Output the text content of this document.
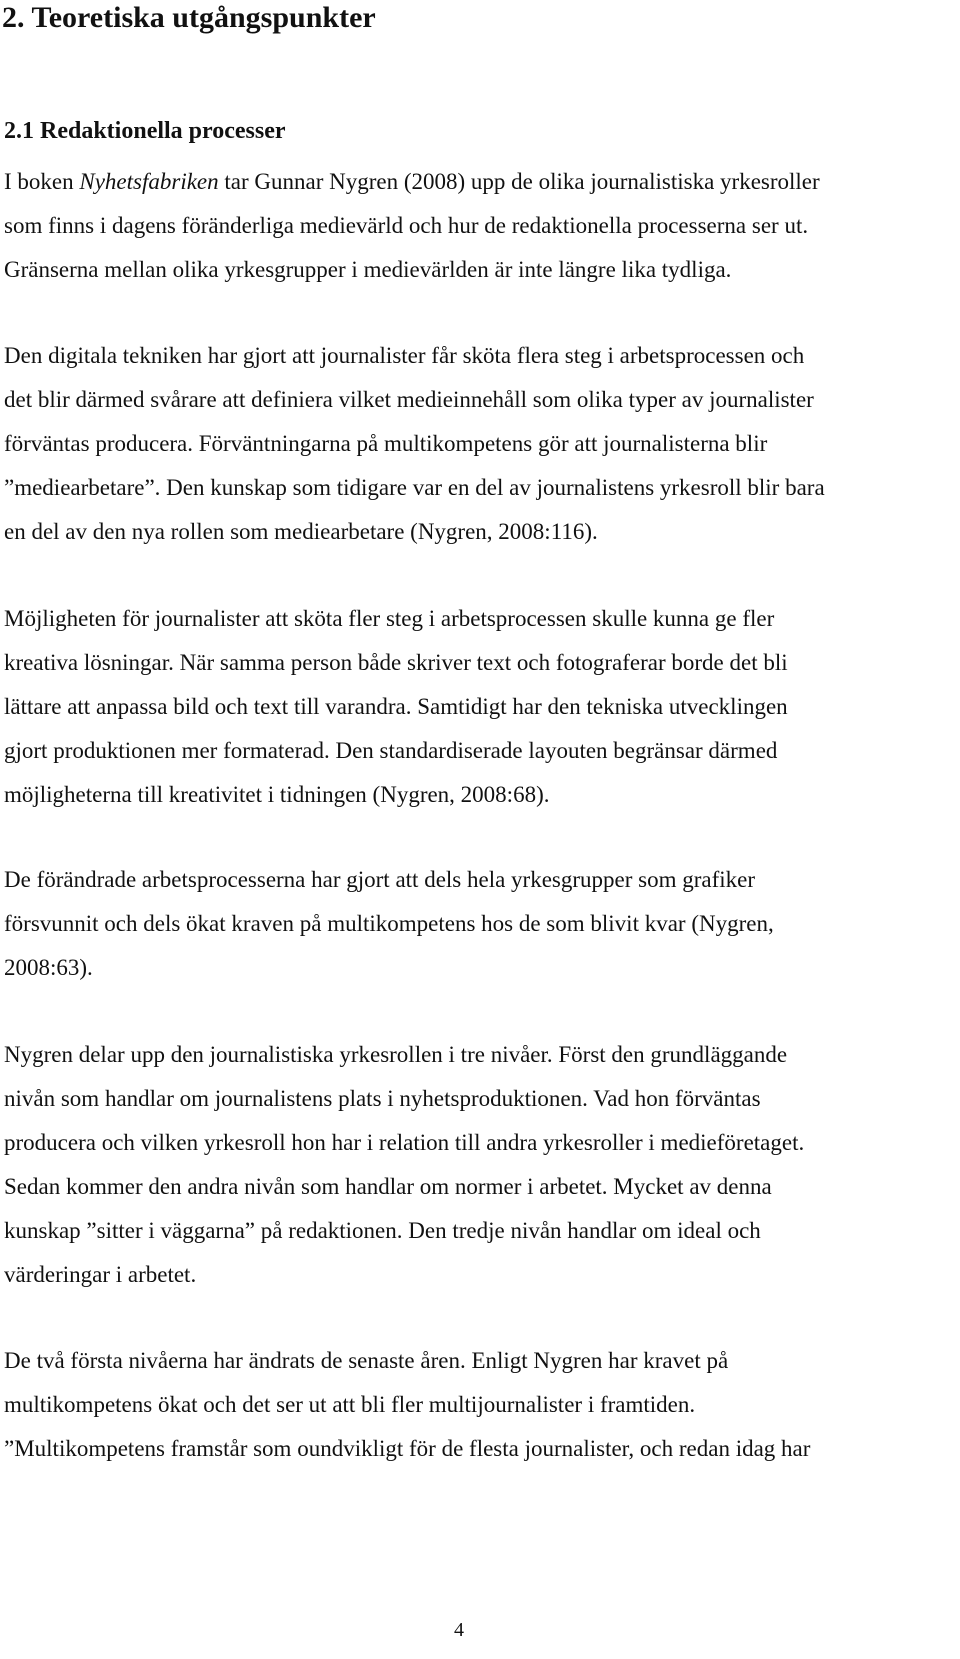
2. Teoretiska utgångspunkter
2.1 Redaktionella processer
I boken Nyhetsfabriken tar Gunnar Nygren (2008) upp de olika journalistiska yrkesroller
som finns i dagens föränderliga medievärld och hur de redaktionella processerna ser ut.
Gränserna mellan olika yrkesgrupper i medievärlden är inte längre lika tydliga.
Den digitala tekniken har gjort att journalister får sköta flera steg i arbetsprocessen och
det blir därmed svårare att definiera vilket medieinnehåll som olika typer av journalister
förväntas producera. Förväntningarna på multikompetens gör att journalisterna blir
”mediearbetare”. Den kunskap som tidigare var en del av journalistens yrkesroll blir bara
en del av den nya rollen som mediearbetare (Nygren, 2008:116).
Möjligheten för journalister att sköta fler steg i arbetsprocessen skulle kunna ge fler
kreativa lösningar. När samma person både skriver text och fotograferar borde det bli
lättare att anpassa bild och text till varandra. Samtidigt har den tekniska utvecklingen
gjort produktionen mer formaterad. Den standardiserade layouten begränsar därmed
möjligheterna till kreativitet i tidningen (Nygren, 2008:68).
De förändrade arbetsprocesserna har gjort att dels hela yrkesgrupper som grafiker
försvunnit och dels ökat kraven på multikompetens hos de som blivit kvar (Nygren,
2008:63).
Nygren delar upp den journalistiska yrkesrollen i tre nivåer. Först den grundläggande
nivån som handlar om journalistens plats i nyhetsproduktionen. Vad hon förväntas
producera och vilken yrkesroll hon har i relation till andra yrkesroller i medieföretaget.
Sedan kommer den andra nivån som handlar om normer i arbetet. Mycket av denna
kunskap ”sitter i väggarna” på redaktionen. Den tredje nivån handlar om ideal och
värderingar i arbetet.
De två första nivåerna har ändrats de senaste åren. Enligt Nygren har kravet på
multikompetens ökat och det ser ut att bli fler multijournalister i framtiden.
”Multikompetens framstår som oundvikligt för de flesta journalister, och redan idag har

4
